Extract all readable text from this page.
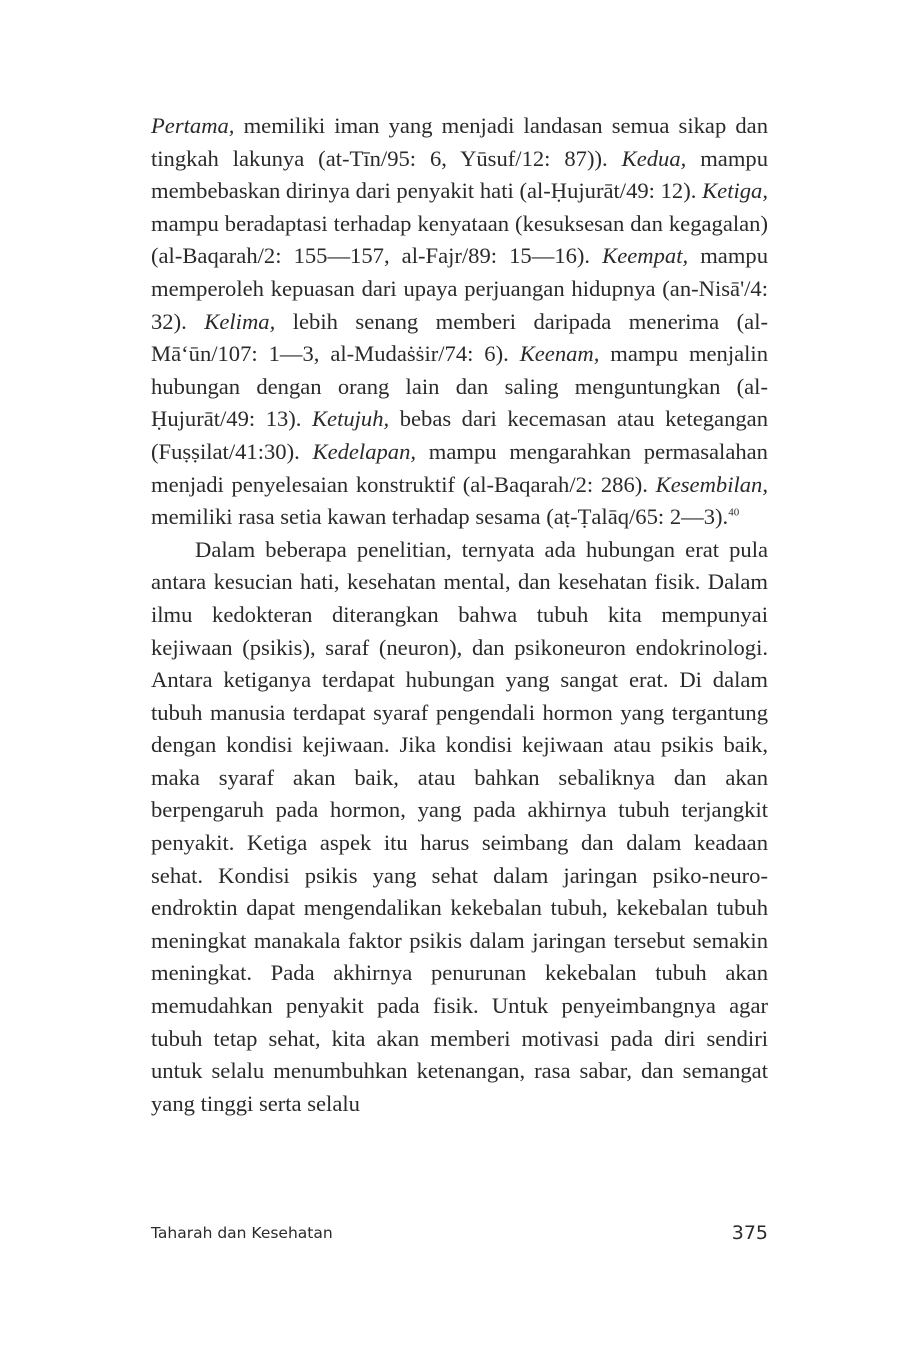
Pertama, memiliki iman yang menjadi landasan semua sikap dan tingkah lakunya (at-Tīn/95: 6, Yūsuf/12: 87)). Kedua, mampu membebaskan dirinya dari penyakit hati (al-Ḥujurāt/49: 12). Ketiga, mampu beradaptasi terhadap kenyataan (kesuksesan dan kegagalan) (al-Baqarah/2: 155—157, al-Fajr/89: 15—16). Keempat, mampu memperoleh kepuasan dari upaya perjuangan hidupnya (an-Nisā'/4: 32). Kelima, lebih senang memberi daripada menerima (al-Mā‘ūn/107: 1—3, al-Mudaṡṡir/74: 6). Keenam, mampu menjalin hubungan dengan orang lain dan saling menguntungkan (al-Ḥujurāt/49: 13). Ketujuh, bebas dari kecemasan atau ketegangan (Fuṣṣilat/41:30). Kedelapan, mampu mengarahkan permasalahan menjadi penyelesaian konstruktif (al-Baqarah/2: 286). Kesembilan, memiliki rasa setia kawan terhadap sesama (aṭ-Ṭalāq/65: 2—3).$^{40}$

Dalam beberapa penelitian, ternyata ada hubungan erat pula antara kesucian hati, kesehatan mental, dan kesehatan fisik. Dalam ilmu kedokteran diterangkan bahwa tubuh kita mempunyai kejiwaan (psikis), saraf (neuron), dan psikoneuron endokrinologi. Antara ketiganya terdapat hubungan yang sangat erat. Di dalam tubuh manusia terdapat syaraf pengendali hormon yang tergantung dengan kondisi kejiwaan. Jika kondisi kejiwaan atau psikis baik, maka syaraf akan baik, atau bahkan sebaliknya dan akan berpengaruh pada hormon, yang pada akhirnya tubuh terjangkit penyakit. Ketiga aspek itu harus seimbang dan dalam keadaan sehat. Kondisi psikis yang sehat dalam jaringan psiko-neuro-endroktin dapat mengendalikan kekebalan tubuh, kekebalan tubuh meningkat manakala faktor psikis dalam jaringan tersebut semakin meningkat. Pada akhirnya penurunan kekebalan tubuh akan memudahkan penyakit pada fisik. Untuk penyeimbangnya agar tubuh tetap sehat, kita akan memberi motivasi pada diri sendiri untuk selalu menumbuhkan ketenangan, rasa sabar, dan semangat yang tinggi serta selalu

Taharah dan Kesehatan	375
